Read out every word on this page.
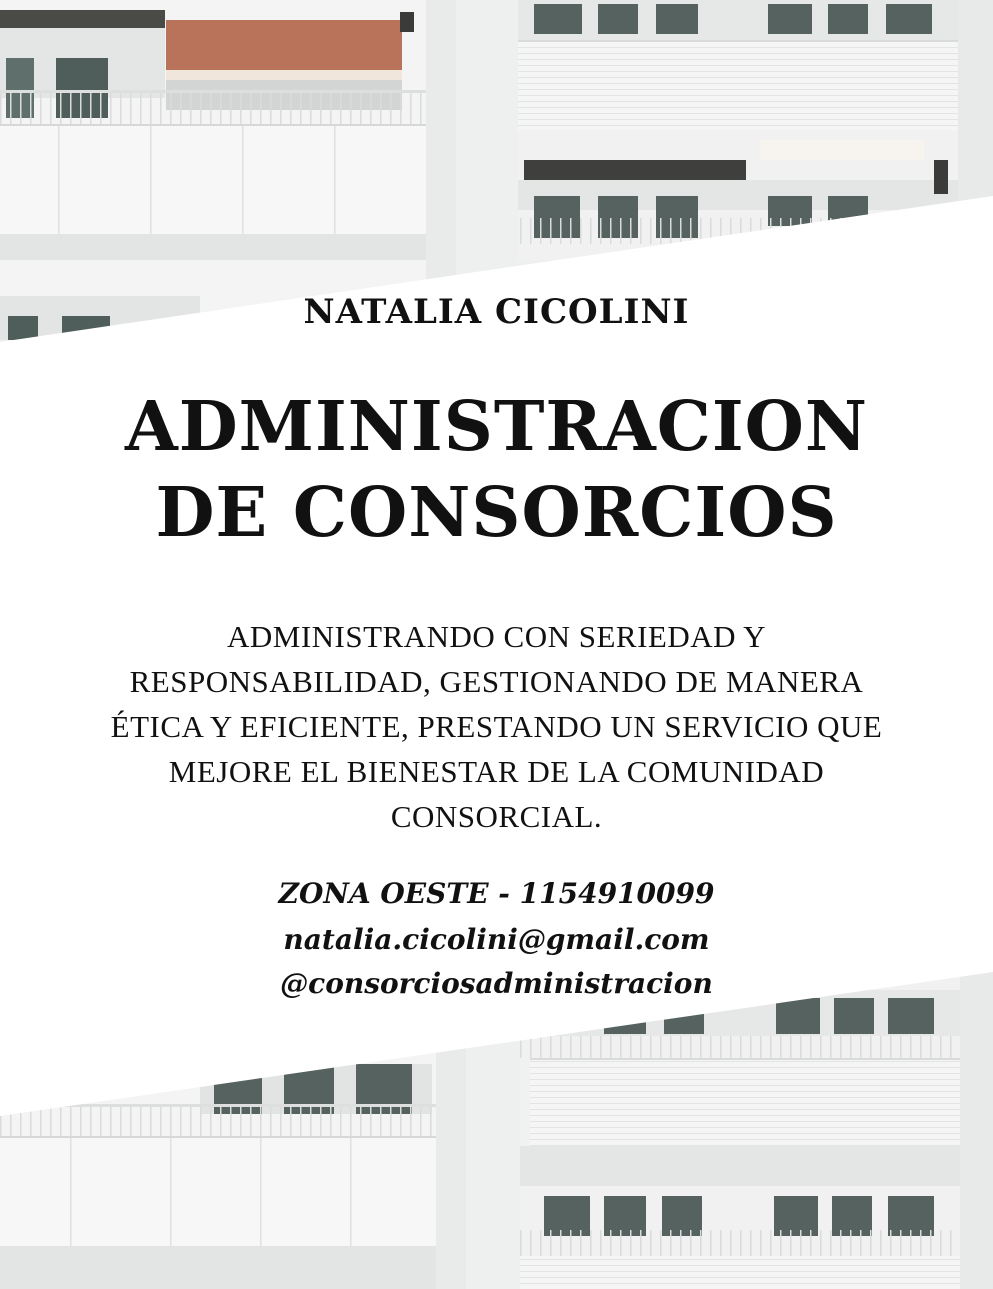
NATALIA CICOLINI
ADMINISTRACION
DE CONSORCIOS
ADMINISTRANDO CON SERIEDAD Y RESPONSABILIDAD, GESTIONANDO DE MANERA ÉTICA Y EFICIENTE, PRESTANDO UN SERVICIO QUE MEJORE EL BIENESTAR DE LA COMUNIDAD CONSORCIAL.
ZONA OESTE - 1154910099
natalia.cicolini@gmail.com
@consorciosadministracion
